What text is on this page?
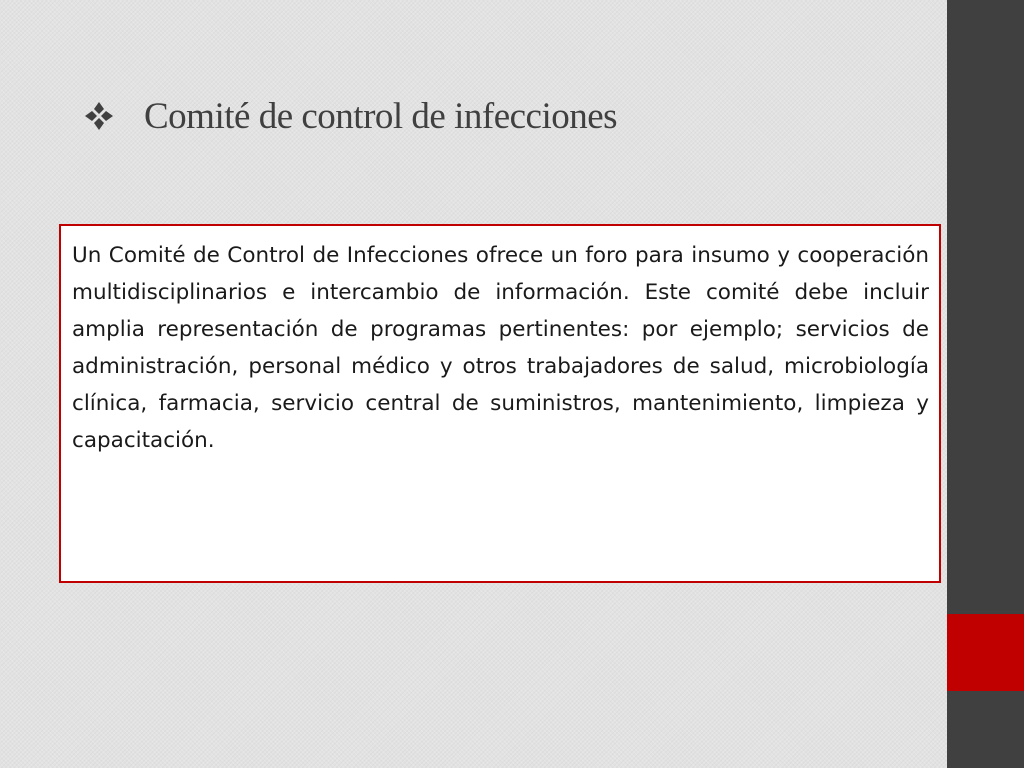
Comité de control de infecciones

Un Comité de Control de Infecciones ofrece un foro para insumo y cooperación multidisciplinarios e intercambio de información. Este comité debe incluir amplia representación de programas pertinentes: por ejemplo; servicios de administración, personal médico y otros trabajadores de salud, microbiología clínica, farmacia, servicio central de suministros, mantenimiento, limpieza y capacitación.
